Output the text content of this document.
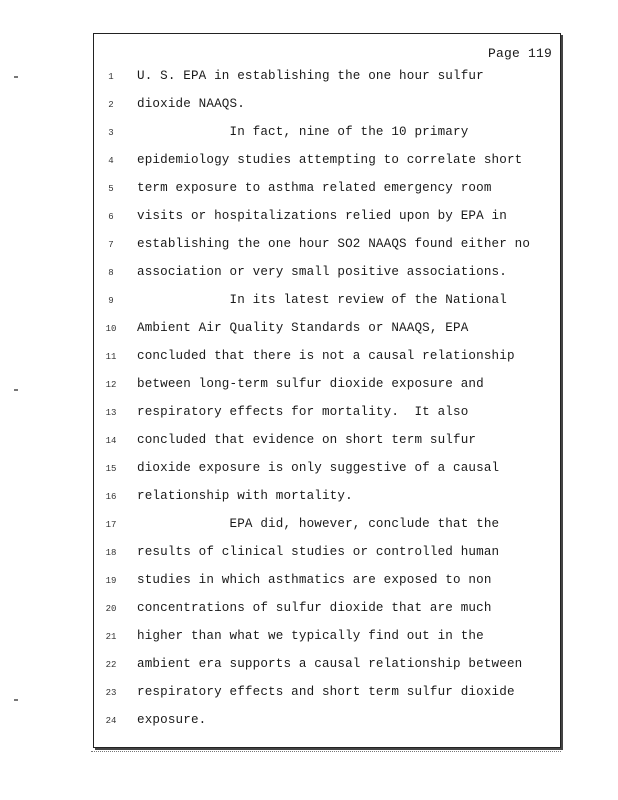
Page 119
1	U. S. EPA in establishing the one hour sulfur
2	dioxide NAAQS.
3	In fact, nine of the 10 primary
4	epidemiology studies attempting to correlate short
5	term exposure to asthma related emergency room
6	visits or hospitalizations relied upon by EPA in
7	establishing the one hour SO2 NAAQS found either no
8	association or very small positive associations.
9	In its latest review of the National
10 Ambient Air Quality Standards or NAAQS, EPA
11 concluded that there is not a causal relationship
12 between long-term sulfur dioxide exposure and
13 respiratory effects for mortality.  It also
14 concluded that evidence on short term sulfur
15 dioxide exposure is only suggestive of a causal
16 relationship with mortality.
17 EPA did, however, conclude that the
18 results of clinical studies or controlled human
19 studies in which asthmatics are exposed to non
20 concentrations of sulfur dioxide that are much
21 higher than what we typically find out in the
22 ambient era supports a causal relationship between
23 respiratory effects and short term sulfur dioxide
24 exposure.
